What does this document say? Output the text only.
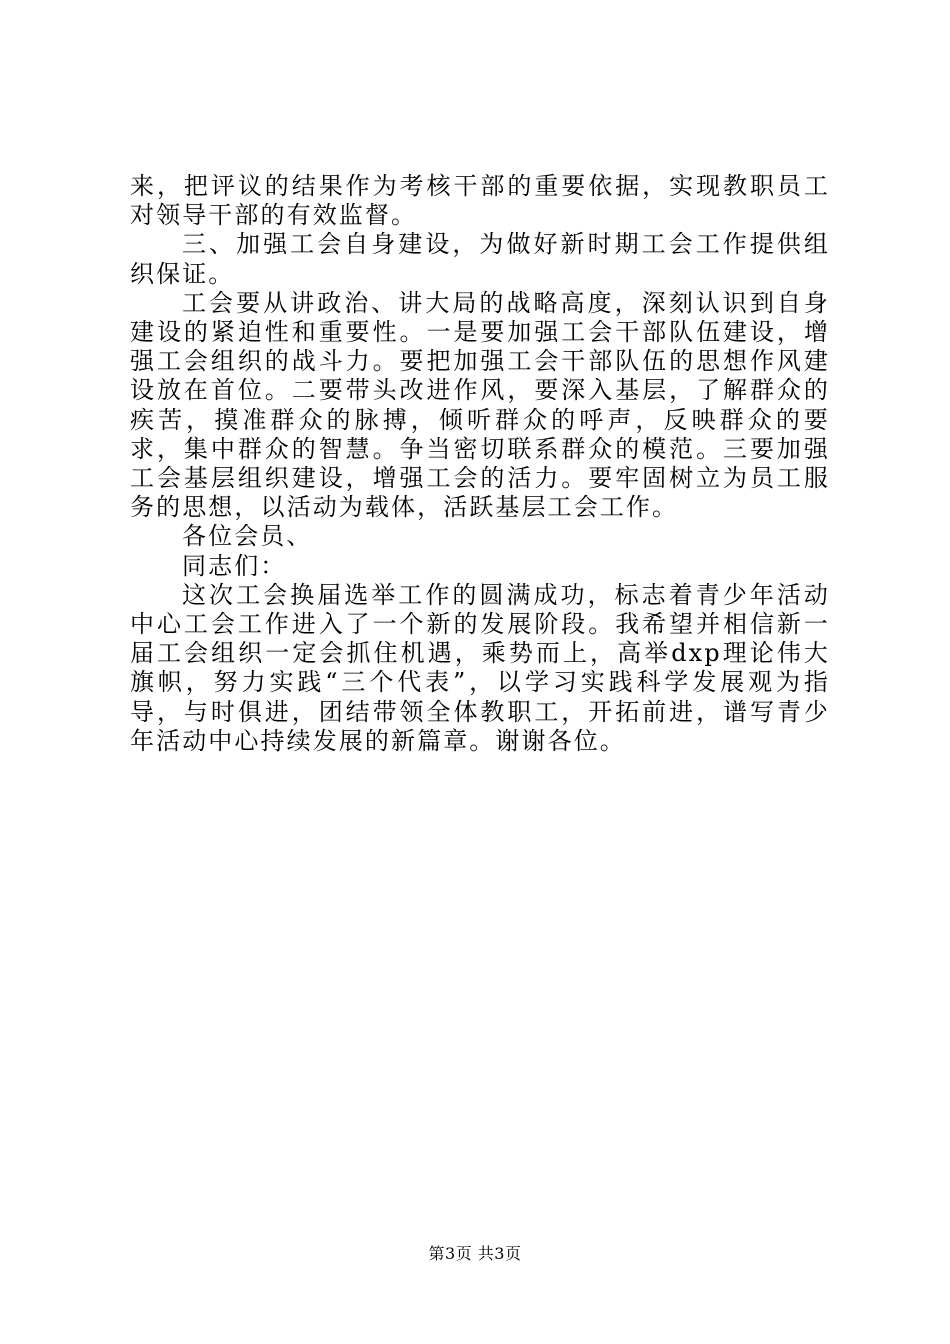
来，把评议的结果作为考核干部的重要依据，实现教职员工对领导干部的有效监督。

三、加强工会自身建设，为做好新时期工会工作提供组织保证。

工会要从讲政治、讲大局的战略高度，深刻认识到自身建设的紧迫性和重要性。一是要加强工会干部队伍建设，增强工会组织的战斗力。要把加强工会干部队伍的思想作风建设放在首位。二要带头改进作风，要深入基层，了解群众的疾苦，摸准群众的脉搏，倾听群众的呼声，反映群众的要求，集中群众的智慧。争当密切联系群众的模范。三要加强工会基层组织建设，增强工会的活力。要牢固树立为员工服务的思想，以活动为载体，活跃基层工会工作。

各位会员、

同志们：

这次工会换届选举工作的圆满成功，标志着青少年活动中心工会工作进入了一个新的发展阶段。我希望并相信新一届工会组织一定会抓住机遇，乘势而上，高举dxp理论伟大旗帜，努力实践“三个代表”，以学习实践科学发展观为指导，与时俱进，团结带领全体教职工，开拓前进，谱写青少年活动中心持续发展的新篇章。谢谢各位。

第3页 共3页
